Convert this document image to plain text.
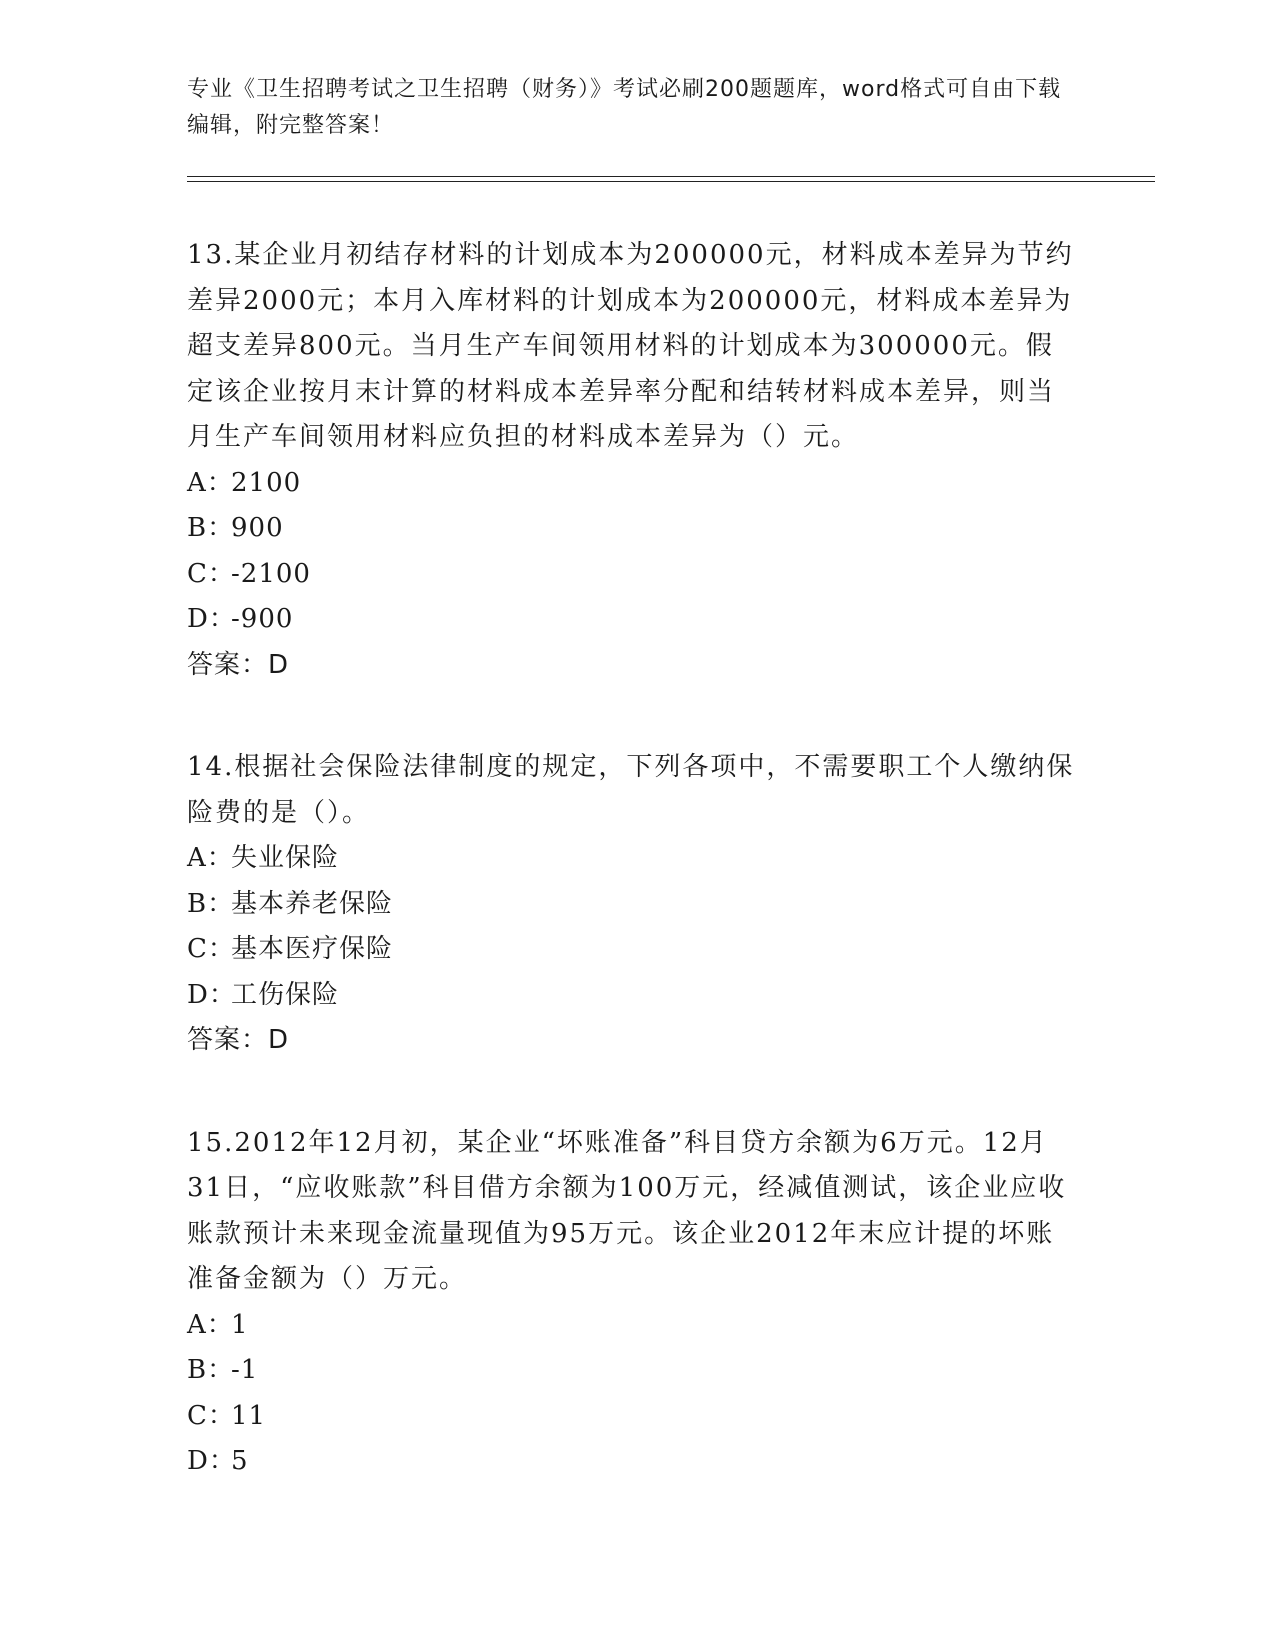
专业《卫生招聘考试之卫生招聘（财务）》考试必刷200题题库，word格式可自由下载编辑，附完整答案！

13.某企业月初结存材料的计划成本为200000元，材料成本差异为节约差异2000元；本月入库材料的计划成本为200000元，材料成本差异为超支差异800元。当月生产车间领用材料的计划成本为300000元。假定该企业按月末计算的材料成本差异率分配和结转材料成本差异，则当月生产车间领用材料应负担的材料成本差异为（）元。

A：2100

B：900

C：-2100

D：-900

答案：D

14.根据社会保险法律制度的规定，下列各项中，不需要职工个人缴纳保险费的是（）。

A：失业保险

B：基本养老保险

C：基本医疗保险

D：工伤保险

答案：D

15.2012年12月初，某企业“坏账准备”科目贷方余额为6万元。12月31日，“应收账款”科目借方余额为100万元，经减值测试，该企业应收账款预计未来现金流量现值为95万元。该企业2012年末应计提的坏账准备金额为（）万元。

A：1

B：-1

C：11

D：5
